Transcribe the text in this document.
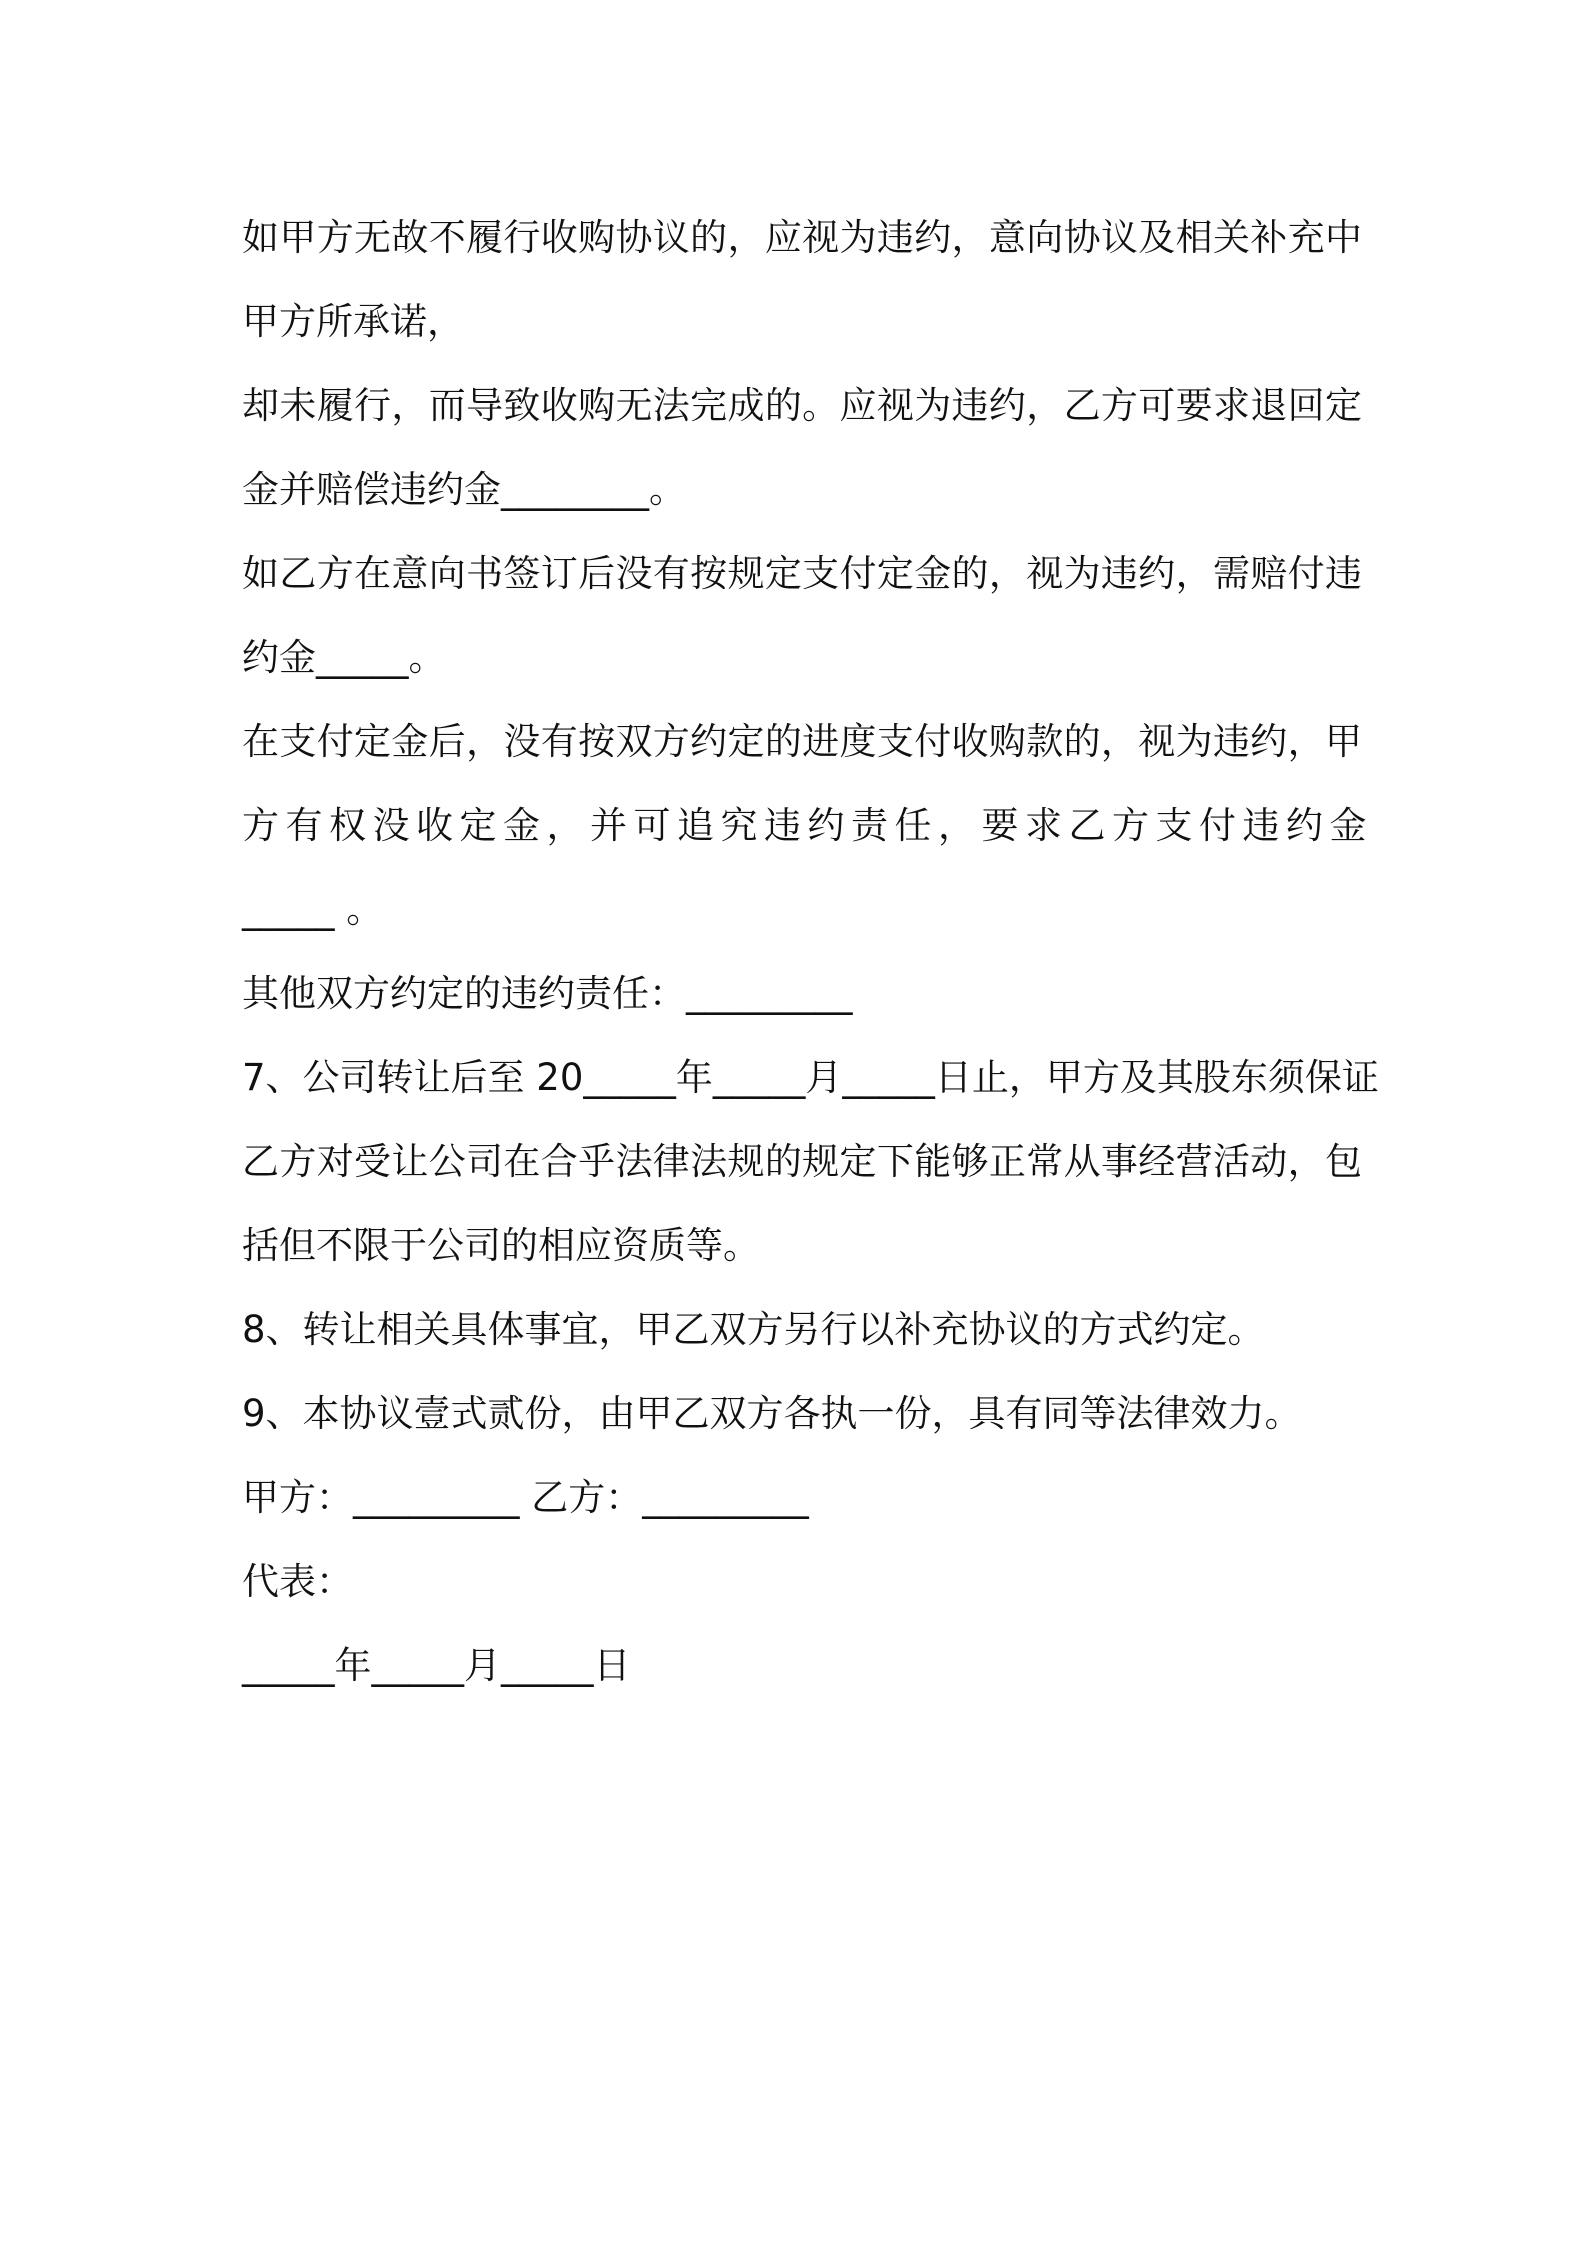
如甲方无故不履行收购协议的，应视为违约，意向协议及相关补充中
甲方所承诺，
却未履行，而导致收购无法完成的。应视为违约，乙方可要求退回定
金并赔偿违约金________。
如乙方在意向书签订后没有按规定支付定金的，视为违约，需赔付违
约金_____。
在支付定金后，没有按双方约定的进度支付收购款的，视为违约，甲
方有权没收定金，并可追究违约责任，要求乙方支付违约金
_____ 。
其他双方约定的违约责任：_________
7、公司转让后至 20_____年_____月_____日止，甲方及其股东须保证
乙方对受让公司在合乎法律法规的规定下能够正常从事经营活动，包
括但不限于公司的相应资质等。
8、转让相关具体事宜，甲乙双方另行以补充协议的方式约定。
9、本协议壹式贰份，由甲乙双方各执一份，具有同等法律效力。
甲方：_________ 乙方：_________
代表：
_____年_____月_____日
